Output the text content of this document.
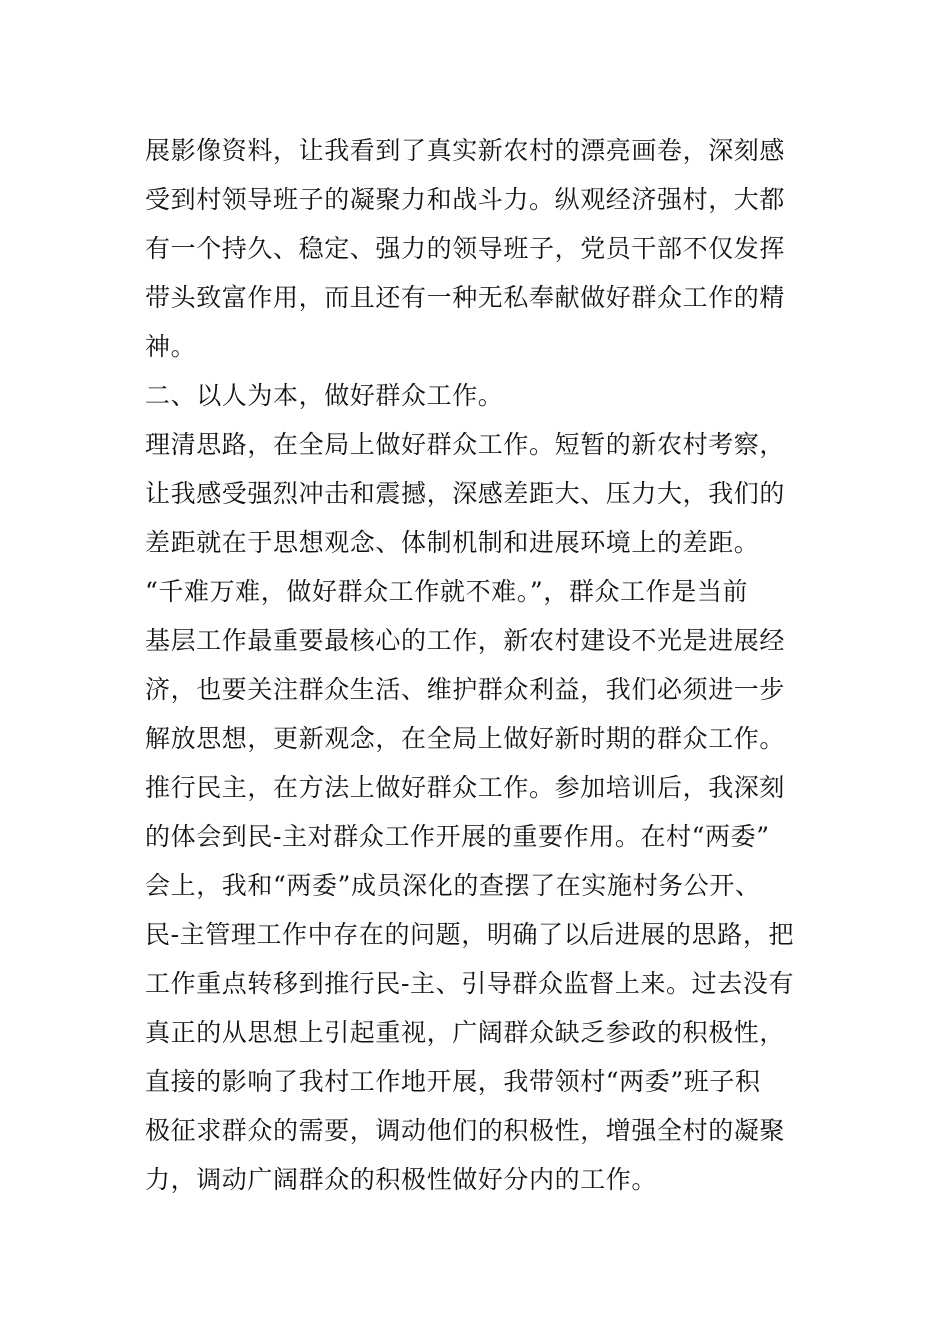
展影像资料，让我看到了真实新农村的漂亮画卷，深刻感
受到村领导班子的凝聚力和战斗力。纵观经济强村，大都
有一个持久、稳定、强力的领导班子，党员干部不仅发挥
带头致富作用，而且还有一种无私奉献做好群众工作的精
神。
二、以人为本，做好群众工作。
理清思路，在全局上做好群众工作。短暂的新农村考察，
让我感受强烈冲击和震撼，深感差距大、压力大，我们的
差距就在于思想观念、体制机制和进展环境上的差距。
“千难万难，做好群众工作就不难。”，群众工作是当前
基层工作最重要最核心的工作，新农村建设不光是进展经
济，也要关注群众生活、维护群众利益，我们必须进一步
解放思想，更新观念，在全局上做好新时期的群众工作。
推行民主，在方法上做好群众工作。参加培训后，我深刻
的体会到民-主对群众工作开展的重要作用。在村“两委”
会上，我和“两委”成员深化的查摆了在实施村务公开、
民-主管理工作中存在的问题，明确了以后进展的思路，把
工作重点转移到推行民-主、引导群众监督上来。过去没有
真正的从思想上引起重视，广阔群众缺乏参政的积极性，
直接的影响了我村工作地开展，我带领村“两委”班子积
极征求群众的需要，调动他们的积极性，增强全村的凝聚
力，调动广阔群众的积极性做好分内的工作。
